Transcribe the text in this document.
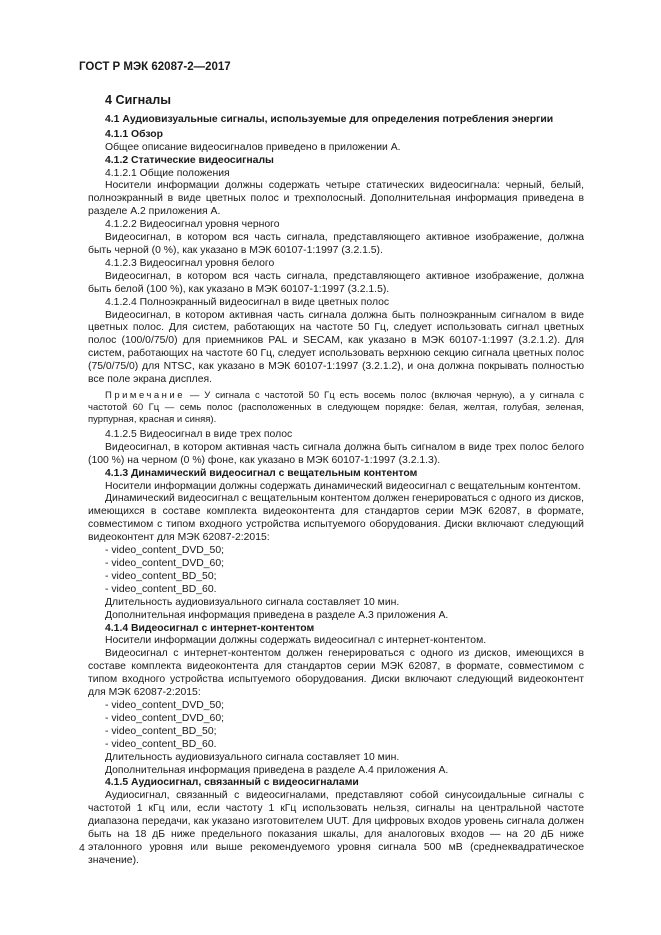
ГОСТ Р МЭК 62087-2—2017

4 Сигналы

4.1 Аудиовизуальные сигналы, используемые для определения потребления энергии

4.1.1 Обзор

Общее описание видеосигналов приведено в приложении А.

4.1.2 Статические видеосигналы

4.1.2.1 Общие положения

Носители информации должны содержать четыре статических видеосигнала: черный, белый, полноэкранный в виде цветных полос и трехполосный. Дополнительная информация приведена в разделе А.2 приложения А.

4.1.2.2 Видеосигнал уровня черного

Видеосигнал, в котором вся часть сигнала, представляющего активное изображение, должна быть черной (0 %), как указано в МЭК 60107-1:1997 (3.2.1.5).

4.1.2.3 Видеосигнал уровня белого

Видеосигнал, в котором вся часть сигнала, представляющего активное изображение, должна быть белой (100 %), как указано в МЭК 60107-1:1997 (3.2.1.5).

4.1.2.4 Полноэкранный видеосигнал в виде цветных полос

Видеосигнал, в котором активная часть сигнала должна быть полноэкранным сигналом в виде цветных полос. Для систем, работающих на частоте 50 Гц, следует использовать сигнал цветных полос (100/0/75/0) для приемников PAL и SECAM, как указано в МЭК 60107-1:1997 (3.2.1.2). Для систем, работающих на частоте 60 Гц, следует использовать верхнюю секцию сигнала цветных полос (75/0/75/0) для NTSC, как указано в МЭК 60107-1:1997 (3.2.1.2), и она должна покрывать полностью все поле экрана дисплея.

Примечание — У сигнала с частотой 50 Гц есть восемь полос (включая черную), а у сигнала с частотой 60 Гц — семь полос (расположенных в следующем порядке: белая, желтая, голубая, зеленая, пурпурная, красная и синяя).

4.1.2.5 Видеосигнал в виде трех полос

Видеосигнал, в котором активная часть сигнала должна быть сигналом в виде трех полос белого (100 %) на черном (0 %) фоне, как указано в МЭК 60107-1:1997 (3.2.1.3).

4.1.3 Динамический видеосигнал с вещательным контентом

Носители информации должны содержать динамический видеосигнал с вещательным контентом.

Динамический видеосигнал с вещательным контентом должен генерироваться с одного из дисков, имеющихся в составе комплекта видеоконтента для стандартов серии МЭК 62087, в формате, совместимом с типом входного устройства испытуемого оборудования. Диски включают следующий видеоконтент для МЭК 62087-2:2015:

- video_content_DVD_50;

- video_content_DVD_60;

- video_content_BD_50;

- video_content_BD_60.

Длительность аудиовизуального сигнала составляет 10 мин.

Дополнительная информация приведена в разделе А.3 приложения А.

4.1.4 Видеосигнал с интернет-контентом

Носители информации должны содержать видеосигнал с интернет-контентом.

Видеосигнал с интернет-контентом должен генерироваться с одного из дисков, имеющихся в составе комплекта видеоконтента для стандартов серии МЭК 62087, в формате, совместимом с типом входного устройства испытуемого оборудования. Диски включают следующий видеоконтент для МЭК 62087-2:2015:

- video_content_DVD_50;

- video_content_DVD_60;

- video_content_BD_50;

- video_content_BD_60.

Длительность аудиовизуального сигнала составляет 10 мин.

Дополнительная информация приведена в разделе А.4 приложения А.

4.1.5 Аудиосигнал, связанный с видеосигналами

Аудиосигнал, связанный с видеосигналами, представляют собой синусоидальные сигналы с частотой 1 кГц или, если частоту 1 кГц использовать нельзя, сигналы на центральной частоте диапазона передачи, как указано изготовителем UUT. Для цифровых входов уровень сигнала должен быть на 18 дБ ниже предельного показания шкалы, для аналоговых входов — на 20 дБ ниже эталонного уровня или выше рекомендуемого уровня сигнала 500 мВ (среднеквадратическое значение).

4
